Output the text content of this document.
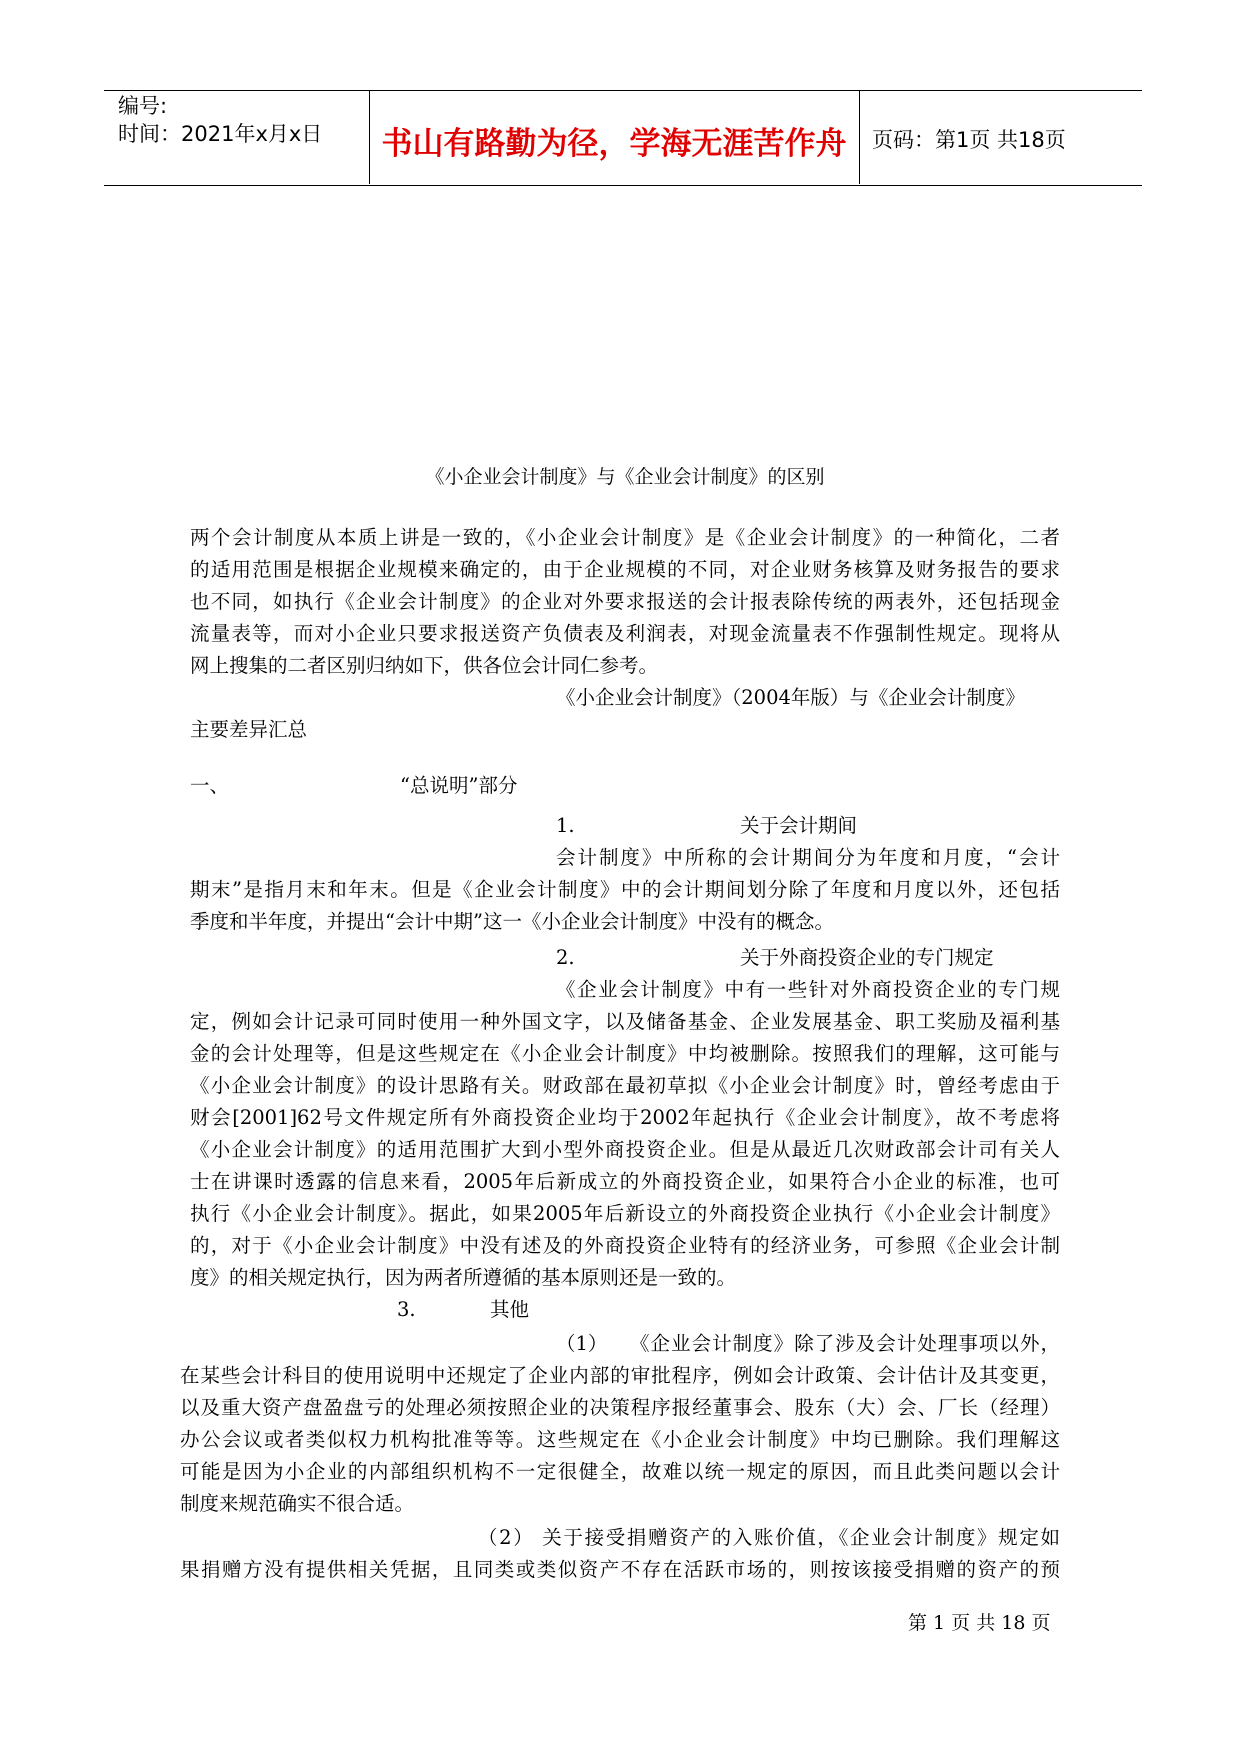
编号:
时间：2021年x月x日	书山有路勤为径，学海无涯苦作舟	页码：第1页 共18页
《小企业会计制度》与《企业会计制度》的区别
两个会计制度从本质上讲是一致的，《小企业会计制度》是《企业会计制度》的一种简化，二者
的适用范围是根据企业规模来确定的，由于企业规模的不同，对企业财务核算及财务报告的要求
也不同，如执行《企业会计制度》的企业对外要求报送的会计报表除传统的两表外，还包括现金
流量表等，而对小企业只要求报送资产负债表及利润表，对现金流量表不作强制性规定。现将从
网上搜集的二者区别归纳如下，供各位会计同仁参考。
《小企业会计制度》（2004年版）与《企业会计制度》
主要差异汇总
一、	“总说明”部分
1.	关于会计期间
会计制度》中所称的会计期间分为年度和月度，“会计
期末”是指月末和年末。但是《企业会计制度》中的会计期间划分除了年度和月度以外，还包括
季度和半年度，并提出“会计中期”这一《小企业会计制度》中没有的概念。
2.	关于外商投资企业的专门规定
《企业会计制度》中有一些针对外商投资企业的专门规
定，例如会计记录可同时使用一种外国文字，以及储备基金、企业发展基金、职工奖励及福利基
金的会计处理等，但是这些规定在《小企业会计制度》中均被删除。按照我们的理解，这可能与
《小企业会计制度》的设计思路有关。财政部在最初草拟《小企业会计制度》时，曾经考虑由于
财会[2001]62号文件规定所有外商投资企业均于2002年起执行《企业会计制度》，故不考虑将
《小企业会计制度》的适用范围扩大到小型外商投资企业。但是从最近几次财政部会计司有关人
士在讲课时透露的信息来看，2005年后新成立的外商投资企业，如果符合小企业的标准，也可
执行《小企业会计制度》。据此，如果2005年后新设立的外商投资企业执行《小企业会计制度》
的，对于《小企业会计制度》中没有述及的外商投资企业特有的经济业务，可参照《企业会计制
度》的相关规定执行，因为两者所遵循的基本原则还是一致的。
3.	其他
（1） 《企业会计制度》除了涉及会计处理事项以外，
在某些会计科目的使用说明中还规定了企业内部的审批程序，例如会计政策、会计估计及其变更，
以及重大资产盘盈盘亏的处理必须按照企业的决策程序报经董事会、股东（大）会、厂长（经理）
办公会议或者类似权力机构批准等等。这些规定在《小企业会计制度》中均已删除。我们理解这
可能是因为小企业的内部组织机构不一定很健全，故难以统一规定的原因，而且此类问题以会计
制度来规范确实不很合适。
（2） 关于接受捐赠资产的入账价值，《企业会计制度》规定如
果捐赠方没有提供相关凭据，且同类或类似资产不存在活跃市场的，则按该接受捐赠的资产的预
第 1 页 共 18 页
